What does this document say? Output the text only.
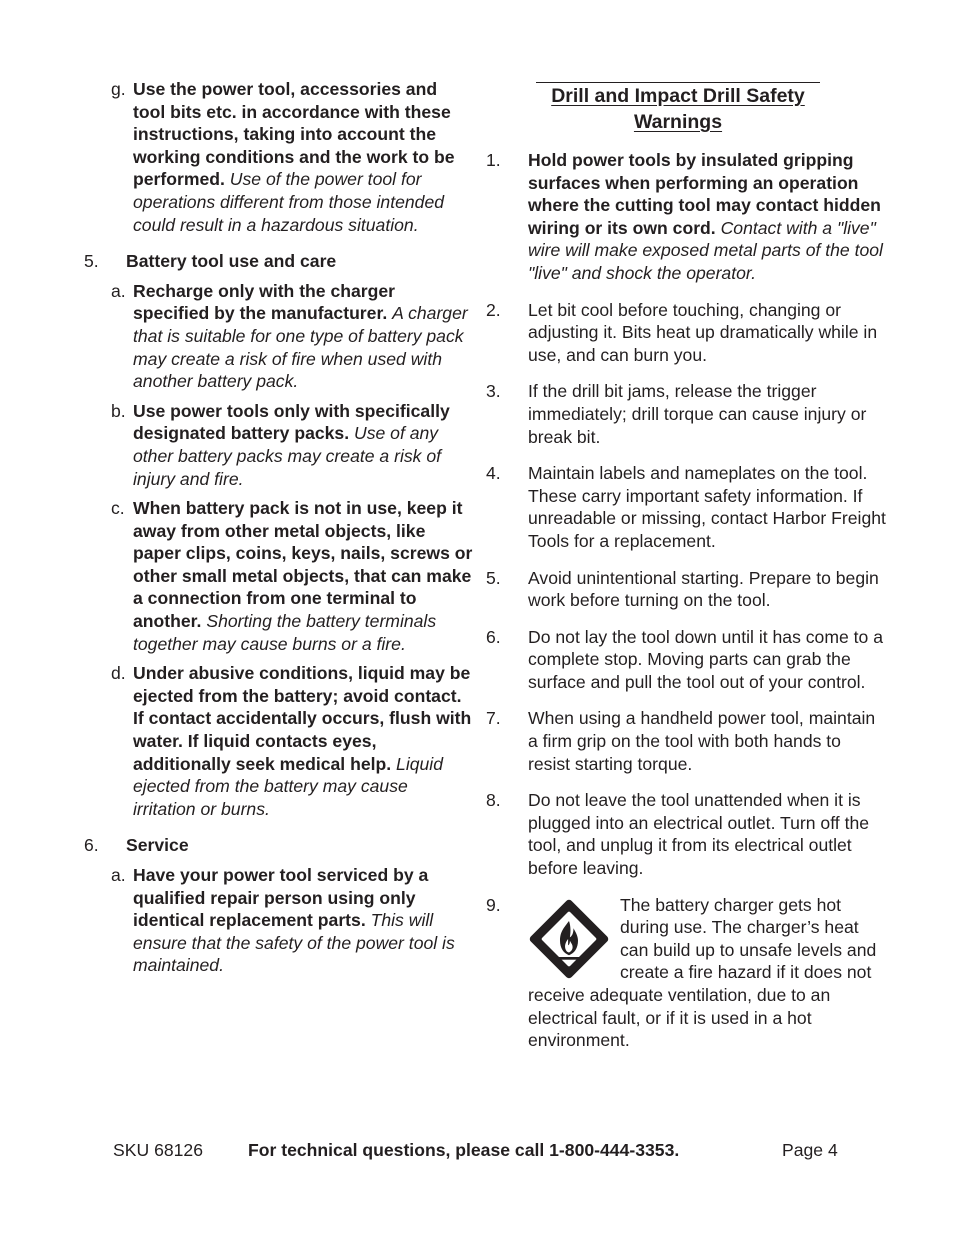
g. Use the power tool, accessories and tool bits etc. in accordance with these instructions, taking into account the working conditions and the work to be performed. Use of the power tool for operations different from those intended could result in a hazardous situation.
5. Battery tool use and care
a. Recharge only with the charger specified by the manufacturer. A charger that is suitable for one type of battery pack may create a risk of fire when used with another battery pack.
b. Use power tools only with specifically designated battery packs. Use of any other battery packs may create a risk of injury and fire.
c. When battery pack is not in use, keep it away from other metal objects, like paper clips, coins, keys, nails, screws or other small metal objects, that can make a connection from one terminal to another. Shorting the battery terminals together may cause burns or a fire.
d. Under abusive conditions, liquid may be ejected from the battery; avoid contact. If contact accidentally occurs, flush with water. If liquid contacts eyes, additionally seek medical help. Liquid ejected from the battery may cause irritation or burns.
6. Service
a. Have your power tool serviced by a qualified repair person using only identical replacement parts. This will ensure that the safety of the power tool is maintained.
Drill and Impact Drill Safety
Warnings
1. Hold power tools by insulated gripping surfaces when performing an operation where the cutting tool may contact hidden wiring or its own cord. Contact with a "live" wire will make exposed metal parts of the tool "live" and shock the operator.
2. Let bit cool before touching, changing or adjusting it. Bits heat up dramatically while in use, and can burn you.
3. If the drill bit jams, release the trigger immediately; drill torque can cause injury or break bit.
4. Maintain labels and nameplates on the tool. These carry important safety information. If unreadable or missing, contact Harbor Freight Tools for a replacement.
5. Avoid unintentional starting. Prepare to begin work before turning on the tool.
6. Do not lay the tool down until it has come to a complete stop. Moving parts can grab the surface and pull the tool out of your control.
7. When using a handheld power tool, maintain a firm grip on the tool with both hands to resist starting torque.
8. Do not leave the tool unattended when it is plugged into an electrical outlet. Turn off the tool, and unplug it from its electrical outlet before leaving.
9.	The battery charger gets hot during use. The charger’s heat can build up to unsafe levels and create a fire hazard if it does not receive adequate ventilation, due to an electrical fault, or if it is used in a hot environment.
SKU 68126	For technical questions, please call 1-800-444-3353.	Page 4
